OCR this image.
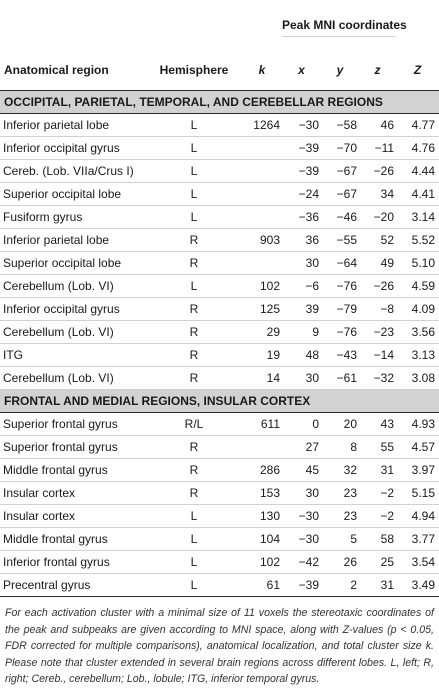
			Peak MNI coordinates			

Anatomical region	Hemisphere	k	x	y	z	Z
OCCIPITAL, PARIETAL, TEMPORAL, AND CEREBELLAR REGIONS						
Inferior parietal lobe	L	1264	−30	−58	46	4.77
Inferior occipital gyrus	L		−39	−70	−11	4.76
Cereb. (Lob. VIIa/Crus I)	L		−39	−67	−26	4.44
Superior occipital lobe	L		−24	−67	34	4.41
Fusiform gyrus	L		−36	−46	−20	3.14
Inferior parietal lobe	R	903	36	−55	52	5.52
Superior occipital lobe	R		30	−64	49	5.10
Cerebellum (Lob. VI)	L	102	−6	−76	−26	4.59
Inferior occipital gyrus	R	125	39	−79	−8	4.09
Cerebellum (Lob. VI)	R	29	9	−76	−23	3.56
ITG	R	19	48	−43	−14	3.13
Cerebellum (Lob. VI)	R	14	30	−61	−32	3.08
FRONTAL AND MEDIAL REGIONS, INSULAR CORTEX						
Superior frontal gyrus	R/L	611	0	20	43	4.93
Superior frontal gyrus	R		27	8	55	4.57
Middle frontal gyrus	R	286	45	32	31	3.97
Insular cortex	R	153	30	23	−2	5.15
Insular cortex	L	130	−30	23	−2	4.94
Middle frontal gyrus	L	104	−30	5	58	3.77
Inferior frontal gyrus	L	102	−42	26	25	3.54
Precentral gyrus	L	61	−39	2	31	3.49
For each activation cluster with a minimal size of 11 voxels the stereotaxic coordinates of the peak and subpeaks are given according to MNI space, along with Z-values (p < 0.05, FDR corrected for multiple comparisons), anatomical localization, and total cluster size k. Please note that cluster extended in several brain regions across different lobes. L, left; R, right; Cereb., cerebellum; Lob., lobule; ITG, inferior temporal gyrus.
